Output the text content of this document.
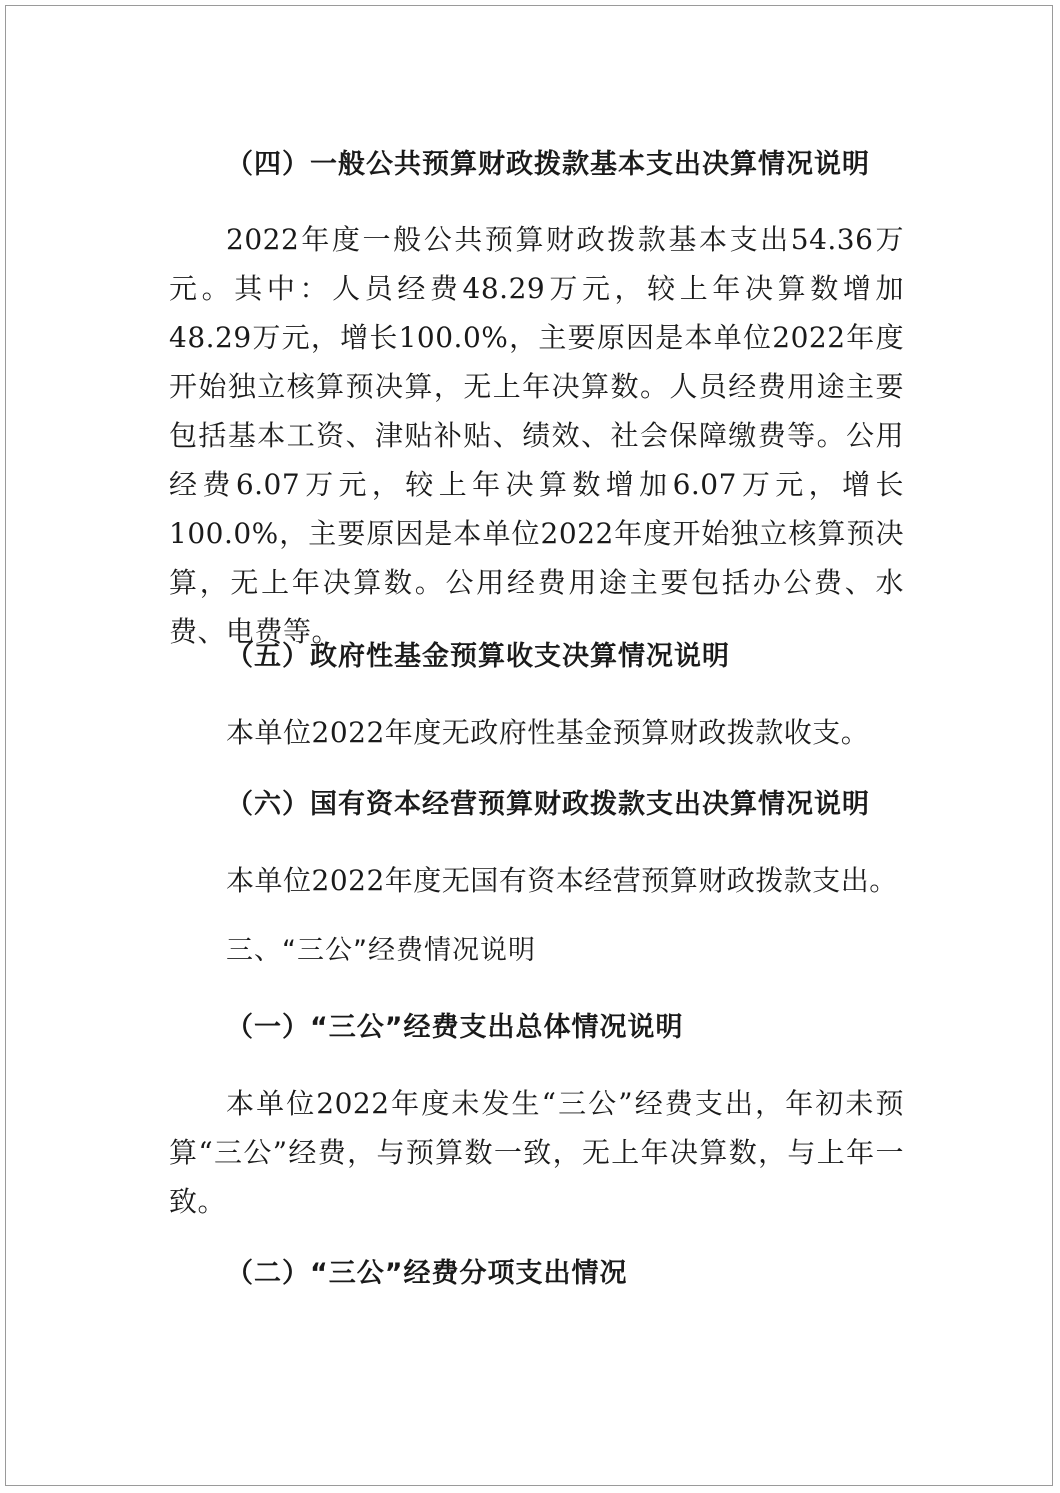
（四）一般公共预算财政拨款基本支出决算情况说明
2022年度一般公共预算财政拨款基本支出54.36万元。其中：人员经费48.29万元，较上年决算数增加48.29万元，增长100.0%，主要原因是本单位2022年度开始独立核算预决算，无上年决算数。人员经费用途主要包括基本工资、津贴补贴、绩效、社会保障缴费等。公用经费6.07万元，较上年决算数增加6.07万元，增长100.0%，主要原因是本单位2022年度开始独立核算预决算，无上年决算数。公用经费用途主要包括办公费、水费、电费等。
（五）政府性基金预算收支决算情况说明
本单位2022年度无政府性基金预算财政拨款收支。
（六）国有资本经营预算财政拨款支出决算情况说明
本单位2022年度无国有资本经营预算财政拨款支出。
三、“三公”经费情况说明
（一）“三公”经费支出总体情况说明
本单位2022年度未发生“三公”经费支出，年初未预算“三公”经费，与预算数一致，无上年决算数，与上年一致。
（二）“三公”经费分项支出情况
